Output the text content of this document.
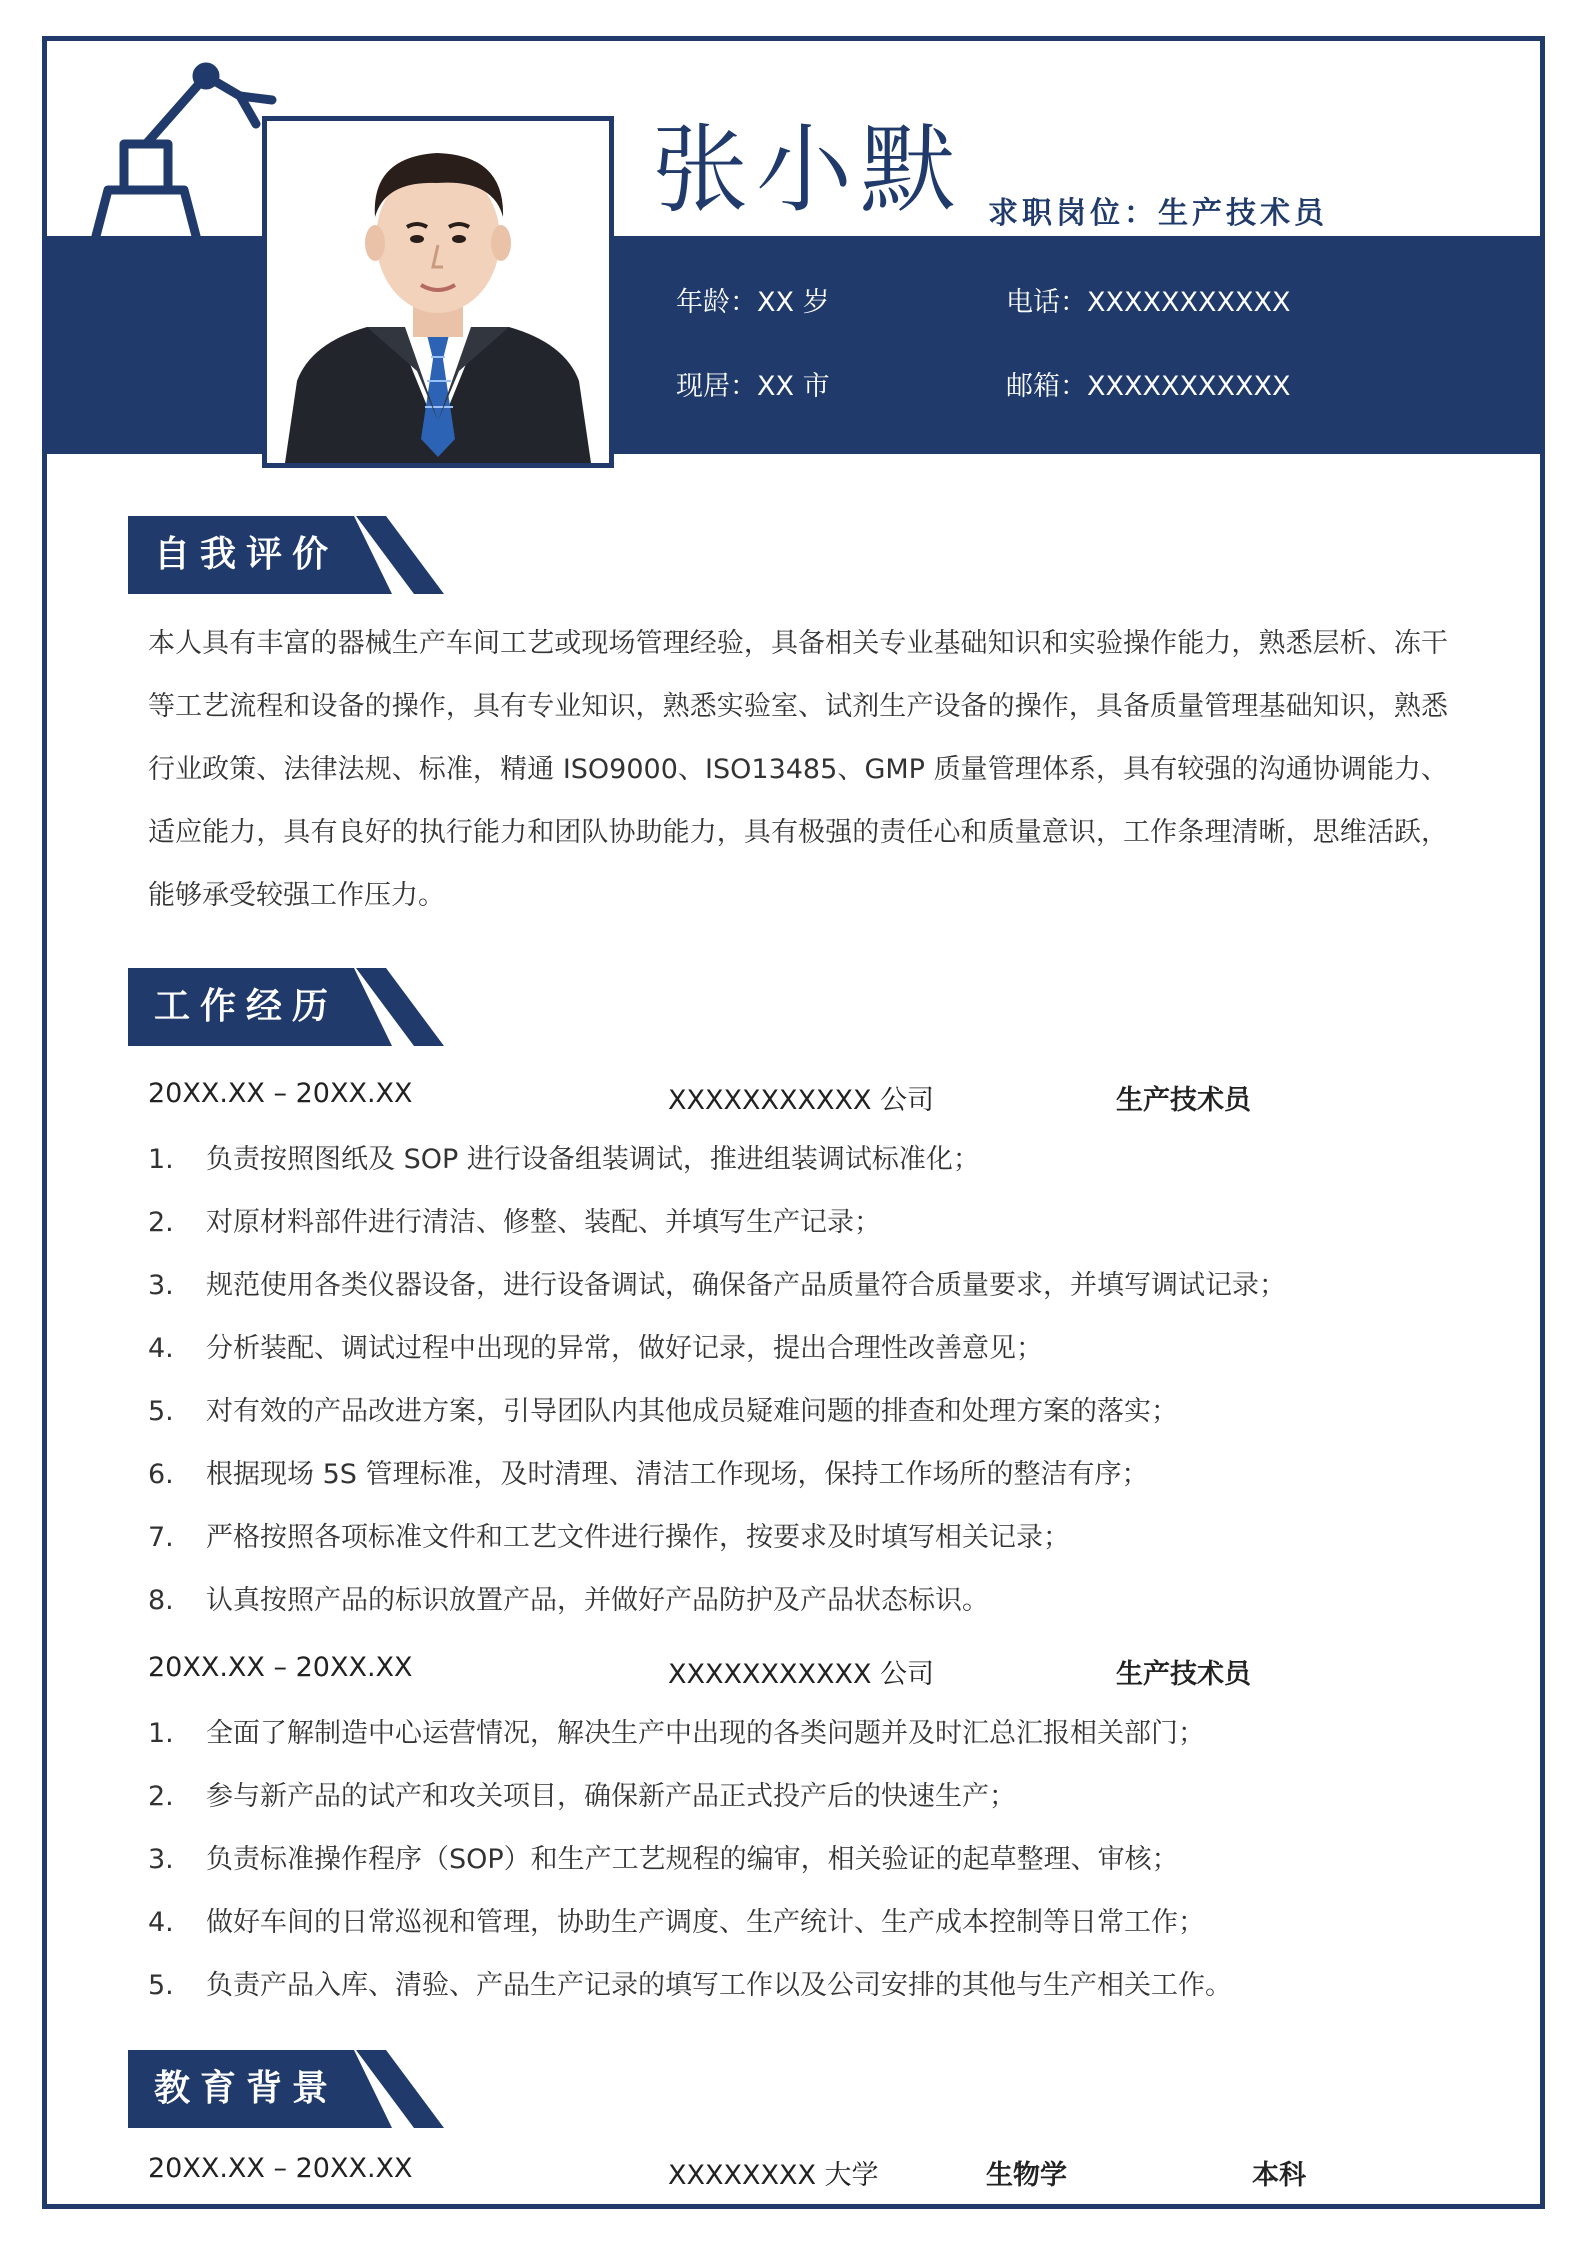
张小默 求职岗位：生产技术员
年龄：XX 岁	电话：XXXXXXXXXXX
现居：XX 市	邮箱：XXXXXXXXXXX
自我评价
本人具有丰富的器械生产车间工艺或现场管理经验，具备相关专业基础知识和实验操作能力，熟悉层析、冻干等工艺流程和设备的操作，具有专业知识，熟悉实验室、试剂生产设备的操作，具备质量管理基础知识，熟悉行业政策、法律法规、标准，精通 ISO9000、ISO13485、GMP 质量管理体系，具有较强的沟通协调能力、适应能力，具有良好的执行能力和团队协助能力，具有极强的责任心和质量意识，工作条理清晰，思维活跃，能够承受较强工作压力。
工作经历
20XX.XX – 20XX.XX	XXXXXXXXXXX 公司	生产技术员
1. 负责按照图纸及 SOP 进行设备组装调试，推进组装调试标准化；
2. 对原材料部件进行清洁、修整、装配、并填写生产记录；
3. 规范使用各类仪器设备，进行设备调试，确保备产品质量符合质量要求，并填写调试记录；
4. 分析装配、调试过程中出现的异常，做好记录，提出合理性改善意见；
5. 对有效的产品改进方案，引导团队内其他成员疑难问题的排查和处理方案的落实；
6. 根据现场 5S 管理标准，及时清理、清洁工作现场，保持工作场所的整洁有序；
7. 严格按照各项标准文件和工艺文件进行操作，按要求及时填写相关记录；
8. 认真按照产品的标识放置产品，并做好产品防护及产品状态标识。
20XX.XX – 20XX.XX	XXXXXXXXXXX 公司	生产技术员
1. 全面了解制造中心运营情况，解决生产中出现的各类问题并及时汇总汇报相关部门；
2. 参与新产品的试产和攻关项目，确保新产品正式投产后的快速生产；
3. 负责标准操作程序（SOP）和生产工艺规程的编审，相关验证的起草整理、审核；
4. 做好车间的日常巡视和管理，协助生产调度、生产统计、生产成本控制等日常工作；
5. 负责产品入库、清验、产品生产记录的填写工作以及公司安排的其他与生产相关工作。
教育背景
20XX.XX – 20XX.XX	XXXXXXXX 大学	生物学	本科
